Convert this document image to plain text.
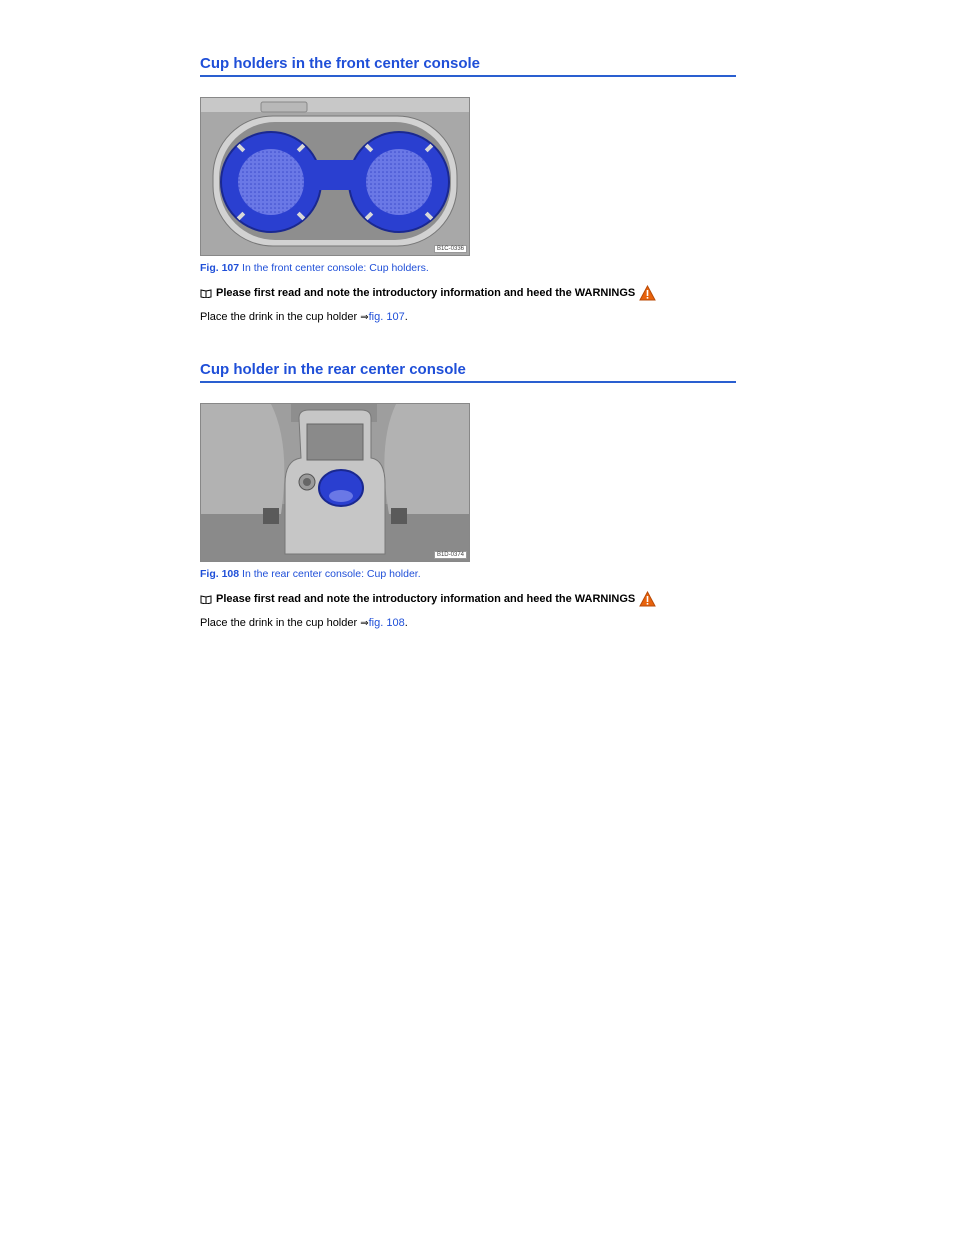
Cup holders in the front center console
B1C-0336

Fig. 107 In the front center console: Cup holders.

Please first read and note the introductory information and heed the WARNINGS

Place the drink in the cup holder ⇒fig. 107.

Cup holder in the rear center console
B1D-0374

Fig. 108 In the rear center console: Cup holder.

Please first read and note the introductory information and heed the WARNINGS

Place the drink in the cup holder ⇒fig. 108.
